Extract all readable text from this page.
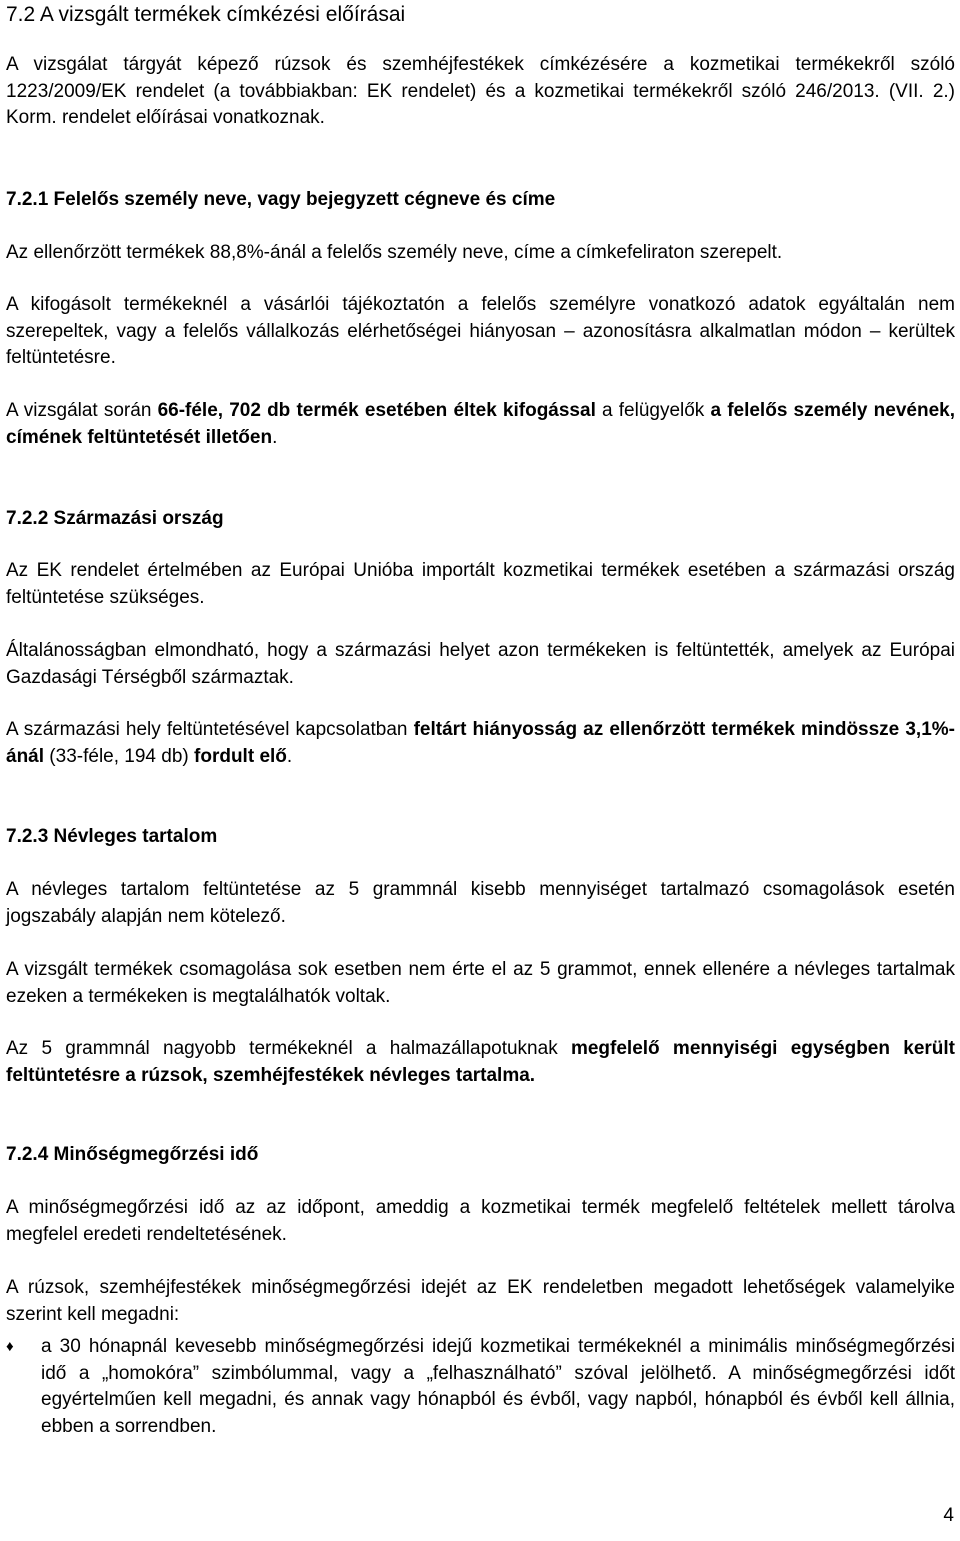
7.2 A vizsgált termékek címkézési előírásai

A vizsgálat tárgyát képező rúzsok és szemhéjfestékek címkézésére a kozmetikai termékekről szóló 1223/2009/EK rendelet (a továbbiakban: EK rendelet) és a kozmetikai termékekről szóló 246/2013. (VII. 2.) Korm. rendelet előírásai vonatkoznak.

7.2.1 Felelős személy neve, vagy bejegyzett cégneve és címe

Az ellenőrzött termékek 88,8%-ánál a felelős személy neve, címe a címkefeliraton szerepelt.

A kifogásolt termékeknél a vásárlói tájékoztatón a felelős személyre vonatkozó adatok egyáltalán nem szerepeltek, vagy a felelős vállalkozás elérhetőségei hiányosan – azonosításra alkalmatlan módon – kerültek feltüntetésre.

A vizsgálat során 66-féle, 702 db termék esetében éltek kifogással a felügyelők a felelős személy nevének, címének feltüntetését illetően.

7.2.2 Származási ország

Az EK rendelet értelmében az Európai Unióba importált kozmetikai termékek esetében a származási ország feltüntetése szükséges.

Általánosságban elmondható, hogy a származási helyet azon termékeken is feltüntették, amelyek az Európai Gazdasági Térségből származtak.

A származási hely feltüntetésével kapcsolatban feltárt hiányosság az ellenőrzött termékek mindössze 3,1%-ánál (33-féle, 194 db) fordult elő.

7.2.3 Névleges tartalom

A névleges tartalom feltüntetése az 5 grammnál kisebb mennyiséget tartalmazó csomagolások esetén jogszabály alapján nem kötelező.

A vizsgált termékek csomagolása sok esetben nem érte el az 5 grammot, ennek ellenére a névleges tartalmak ezeken a termékeken is megtalálhatók voltak.

Az 5 grammnál nagyobb termékeknél a halmazállapotuknak megfelelő mennyiségi egységben került feltüntetésre a rúzsok, szemhéjfestékek névleges tartalma.

7.2.4 Minőségmegőrzési idő

A minőségmegőrzési idő az az időpont, ameddig a kozmetikai termék megfelelő feltételek mellett tárolva megfelel eredeti rendeltetésének.

A rúzsok, szemhéjfestékek minőségmegőrzési idejét az EK rendeletben megadott lehetőségek valamelyike szerint kell megadni:

♦ a 30 hónapnál kevesebb minőségmegőrzési idejű kozmetikai termékeknél a minimális minőségmegőrzési idő a „homokóra” szimbólummal, vagy a „felhasználható” szóval jelölhető. A minőségmegőrzési időt egyértelműen kell megadni, és annak vagy hónapból és évből, vagy napból, hónapból és évből kell állnia, ebben a sorrendben.

4
